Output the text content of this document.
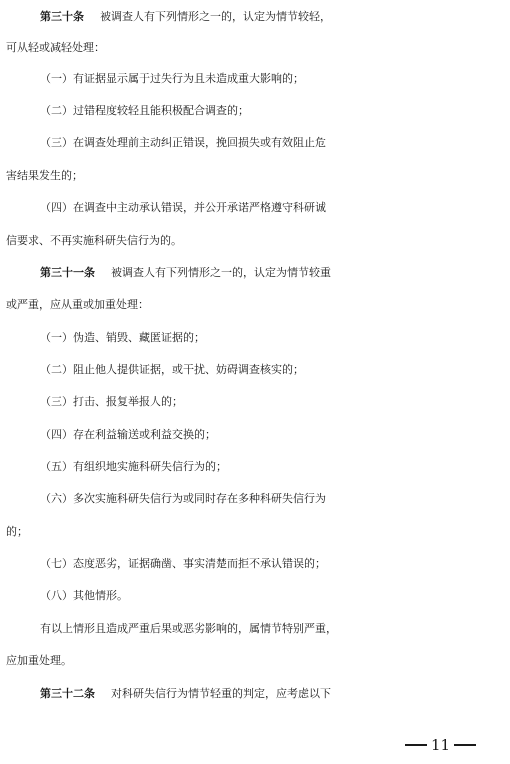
第三十条 被调查人有下列情形之一的，认定为情节较轻，
可从轻或减轻处理：
（一）有证据显示属于过失行为且未造成重大影响的；
（二）过错程度较轻且能积极配合调查的；
（三）在调查处理前主动纠正错误，挽回损失或有效阻止危
害结果发生的；
（四）在调查中主动承认错误，并公开承诺严格遵守科研诚
信要求、不再实施科研失信行为的。
第三十一条 被调查人有下列情形之一的，认定为情节较重
或严重，应从重或加重处理：
（一）伪造、销毁、藏匿证据的；
（二）阻止他人提供证据，或干扰、妨碍调查核实的；
（三）打击、报复举报人的；
（四）存在利益输送或利益交换的；
（五）有组织地实施科研失信行为的；
（六）多次实施科研失信行为或同时存在多种科研失信行为
的；
（七）态度恶劣，证据确凿、事实清楚而拒不承认错误的；
（八）其他情形。
有以上情形且造成严重后果或恶劣影响的，属情节特别严重，
应加重处理。
第三十二条 对科研失信行为情节轻重的判定，应考虑以下
11
